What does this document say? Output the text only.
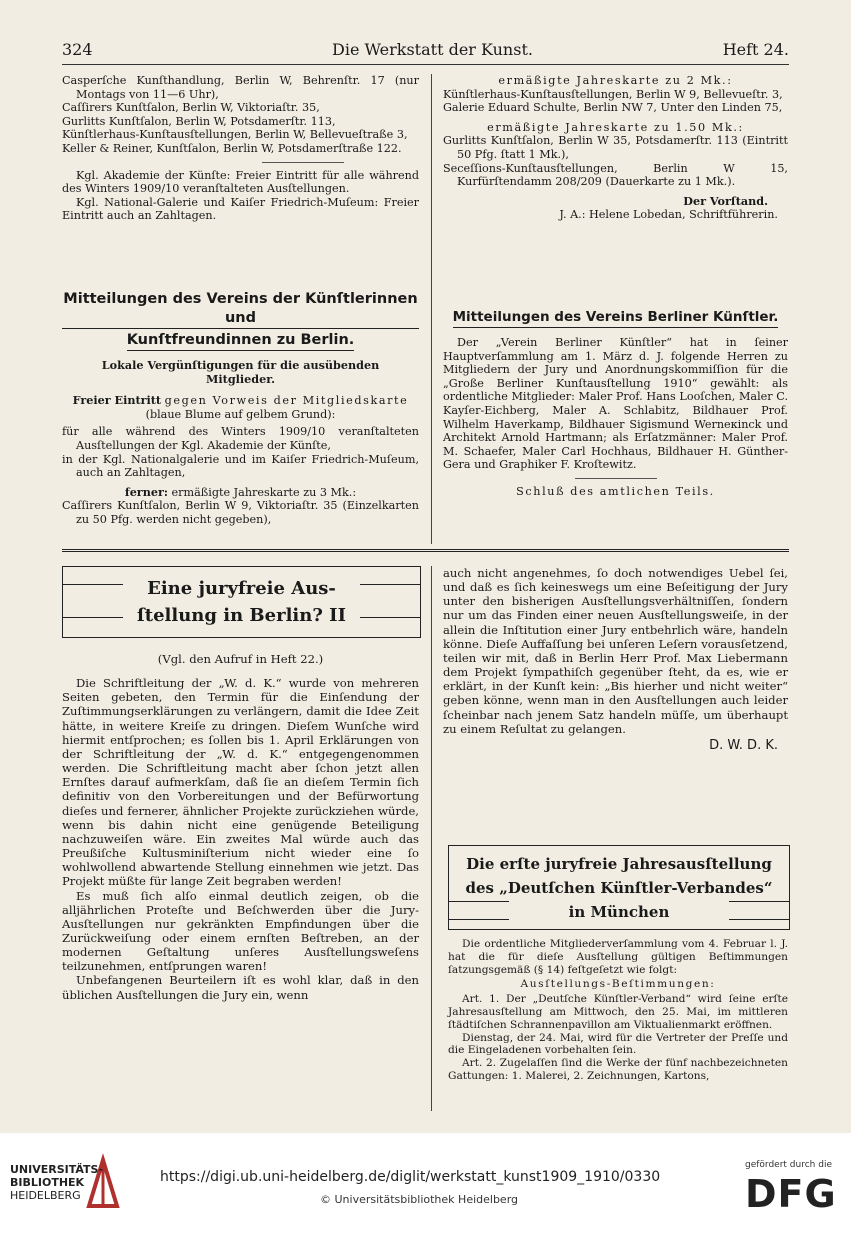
324	Die Werkstatt der Kunst.	Heft 24.

Casperſche Kunſthandlung, Berlin W, Behrenſtr. 17 (nur Montags von 11—6 Uhr),

Caſſirers Kunſtſalon, Berlin W, Viktoriaſtr. 35,

Gurlitts Kunſtſalon, Berlin W, Potsdamerſtr. 113,

Künſtlerhaus-Kunſtausſtellungen, Berlin W, Bellevueſtraße 3,

Keller & Reiner, Kunſtſalon, Berlin W, Potsdamerſtraße 122.

Kgl. Akademie der Künſte: Freier Eintritt für alle während des Winters 1909/10 veranſtalteten Ausſtellungen.

Kgl. National-Galerie und Kaiſer Friedrich-Muſeum: Freier Eintritt auch an Zahltagen.

Mitteilungen des Vereins der Künſtlerinnen und
Kunſtfreundinnen zu Berlin.

Lokale Vergünſtigungen für die ausübenden Mitglieder.

Freier Eintritt gegen Vorweis der Mitgliedskarte

(blaue Blume auf gelbem Grund):

für alle während des Winters 1909/10 veranſtalteten Ausſtellungen der Kgl. Akademie der Künſte,

in der Kgl. Nationalgalerie und im Kaiſer Friedrich-Muſeum, auch an Zahltagen,

ferner: ermäßigte Jahreskarte zu 3 Mk.:

Caſſirers Kunſtſalon, Berlin W 9, Viktoriaſtr. 35 (Einzelkarten zu 50 Pfg. werden nicht gegeben),

ermäßigte Jahreskarte zu 2 Mk.:

Künſtlerhaus-Kunſtausſtellungen, Berlin W 9, Bellevueſtr. 3,

Galerie Eduard Schulte, Berlin NW 7, Unter den Linden 75,

ermäßigte Jahreskarte zu 1.50 Mk.:

Gurlitts Kunſtſalon, Berlin W 35, Potsdamerſtr. 113 (Eintritt 50 Pfg. ſtatt 1 Mk.),

Seceſſions-Kunſtausſtellungen, Berlin W 15, Kurfürſtendamm 208/209 (Dauerkarte zu 1 Mk.).

Der Vorſtand.

J. A.: Helene Lobedan, Schriftführerin.

Mitteilungen des Vereins Berliner Künſtler.

Der „Verein Berliner Künſtler“ hat in ſeiner Hauptverſammlung am 1. März d. J. folgende Herren zu Mitgliedern der Jury und Anordnungskommiſſion für die „Große Berliner Kunſtausſtellung 1910“ gewählt: als ordentliche Mitglieder: Maler Prof. Hans Looſchen, Maler C. Kayſer-Eichberg, Maler A. Schlabitz, Bildhauer Prof. Wilhelm Haverkamp, Bildhauer Sigismund Werneкinck und Architekt Arnold Hartmann; als Erſatzmänner: Maler Prof. M. Schaefer, Maler Carl Hochhaus, Bildhauer H. Günther-Gera und Graphiker F. Kroſtewitz.

Schluß des amtlichen Teils.

Eine juryfreie Aus-
ſtellung in Berlin? II

(Vgl. den Aufruf in Heft 22.)

Die Schriftleitung der „W. d. K.“ wurde von mehreren Seiten gebeten, den Termin für die Einſendung der Zuſtimmungserklärungen zu verlängern, damit die Idee Zeit hätte, in weitere Kreiſe zu dringen. Dieſem Wunſche wird hiermit entſprochen; es ſollen bis 1. April Erklärungen von der Schriftleitung der „W. d. K.“ entgegengenommen werden. Die Schriftleitung macht aber ſchon jetzt allen Ernſtes darauf aufmerkſam, daß ſie an dieſem Termin ſich definitiv von den Vorbereitungen und der Befürwortung dieſes und fernerer, ähnlicher Projekte zurückziehen würde, wenn bis dahin nicht eine genügende Beteiligung nachzuweiſen wäre. Ein zweites Mal würde auch das Preußiſche Kultusminiſterium nicht wieder eine ſo wohlwollend abwartende Stellung einnehmen wie jetzt. Das Projekt müßte für lange Zeit begraben werden!

Es muß ſich alſo einmal deutlich zeigen, ob die alljährlichen Proteſte und Beſchwerden über die Jury-Ausſtellungen nur gekränkten Empfindungen über die Zurückweiſung oder einem ernſten Beſtreben, an der modernen Geſtaltung unſeres Ausſtellungsweſens teilzunehmen, entſprungen waren!

Unbefangenen Beurteilern iſt es wohl klar, daß in den üblichen Ausſtellungen die Jury ein, wenn

auch nicht angenehmes, ſo doch notwendiges Uebel ſei, und daß es ſich keineswegs um eine Beſeitigung der Jury unter den bisherigen Ausſtellungsverhältniſſen, ſondern nur um das Finden einer neuen Ausſtellungsweiſe, in der allein die Inſtitution einer Jury entbehrlich wäre, handeln könne. Dieſe Auffaſſung bei unſeren Leſern vorausſetzend, teilen wir mit, daß in Berlin Herr Prof. Max Liebermann dem Projekt ſympathiſch gegenüber ſteht, da es, wie er erklärt, in der Kunſt kein: „Bis hierher und nicht weiter“ geben könne, wenn man in den Ausſtellungen auch leider ſcheinbar nach jenem Satz handeln müſſe, um überhaupt zu einem Reſultat zu gelangen.

D. W. D. K.

Die erſte juryfreie Jahresausſtellung
des „Deutſchen Künſtler-Verbandes“
in München

Die ordentliche Mitgliederverſammlung vom 4. Februar l. J. hat die für dieſe Ausſtellung gültigen Beſtimmungen ſatzungsgemäß (§ 14) feſtgeſetzt wie folgt:

Ausſtellungs-Beſtimmungen:

Art. 1. Der „Deutſche Künſtler-Verband“ wird ſeine erſte Jahresausſtellung am Mittwoch, den 25. Mai, im mittleren ſtädtiſchen Schrannenpavillon am Viktualienmarkt eröffnen.

Dienstag, der 24. Mai, wird für die Vertreter der Preſſe und die Eingeladenen vorbehalten ſein.

Art. 2. Zugelaſſen ſind die Werke der fünf nachbezeichneten Gattungen: 1. Malerei, 2. Zeichnungen, Kartons,

UNIVERSITÄTS-
BIBLIOTHEK
HEIDELBERG
https://digi.ub.uni-heidelberg.de/diglit/werkstatt_kunst1909_1910/0330
© Universitätsbibliothek Heidelberg
gefördert durch die
DFG
